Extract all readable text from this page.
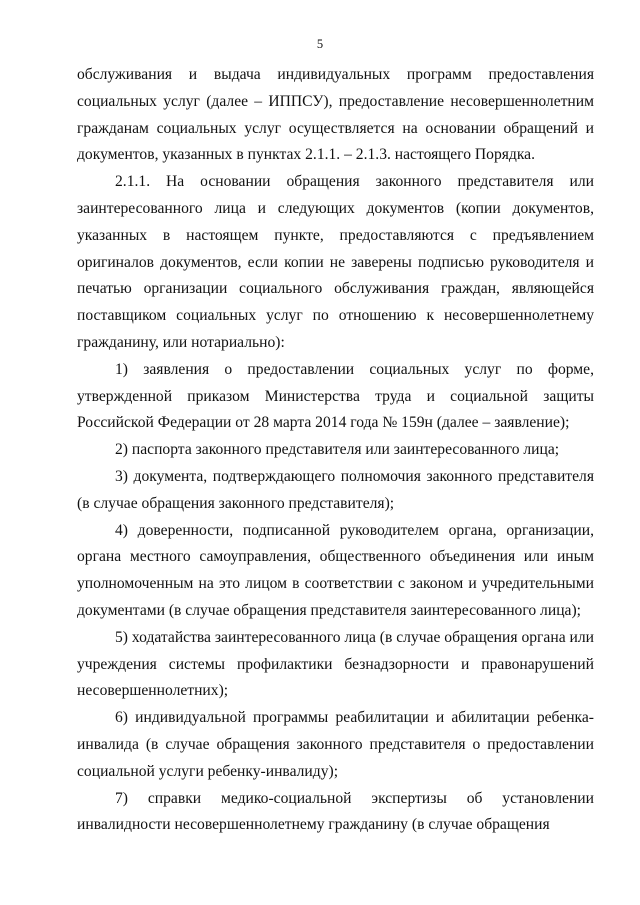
5

обслуживания и выдача индивидуальных программ предоставления социальных услуг (далее – ИППСУ), предоставление несовершеннолетним гражданам социальных услуг осуществляется на основании обращений и документов, указанных в пунктах 2.1.1. – 2.1.3. настоящего Порядка.

2.1.1. На основании обращения законного представителя или заинтересованного лица и следующих документов (копии документов, указанных в настоящем пункте, предоставляются с предъявлением оригиналов документов, если копии не заверены подписью руководителя и печатью организации социального обслуживания граждан, являющейся поставщиком социальных услуг по отношению к несовершеннолетнему гражданину, или нотариально):

1) заявления о предоставлении социальных услуг по форме, утвержденной приказом Министерства труда и социальной защиты Российской Федерации от 28 марта 2014 года № 159н (далее – заявление);

2) паспорта законного представителя или заинтересованного лица;

3) документа, подтверждающего полномочия законного представителя (в случае обращения законного представителя);

4) доверенности, подписанной руководителем органа, организации, органа местного самоуправления, общественного объединения или иным уполномоченным на это лицом в соответствии с законом и учредительными документами (в случае обращения представителя заинтересованного лица);

5) ходатайства заинтересованного лица (в случае обращения органа или учреждения системы профилактики безнадзорности и правонарушений несовершеннолетних);

6) индивидуальной программы реабилитации и абилитации ребенка-инвалида (в случае обращения законного представителя о предоставлении социальной услуги ребенку-инвалиду);

7) справки медико-социальной экспертизы об установлении инвалидности несовершеннолетнему гражданину (в случае обращения
